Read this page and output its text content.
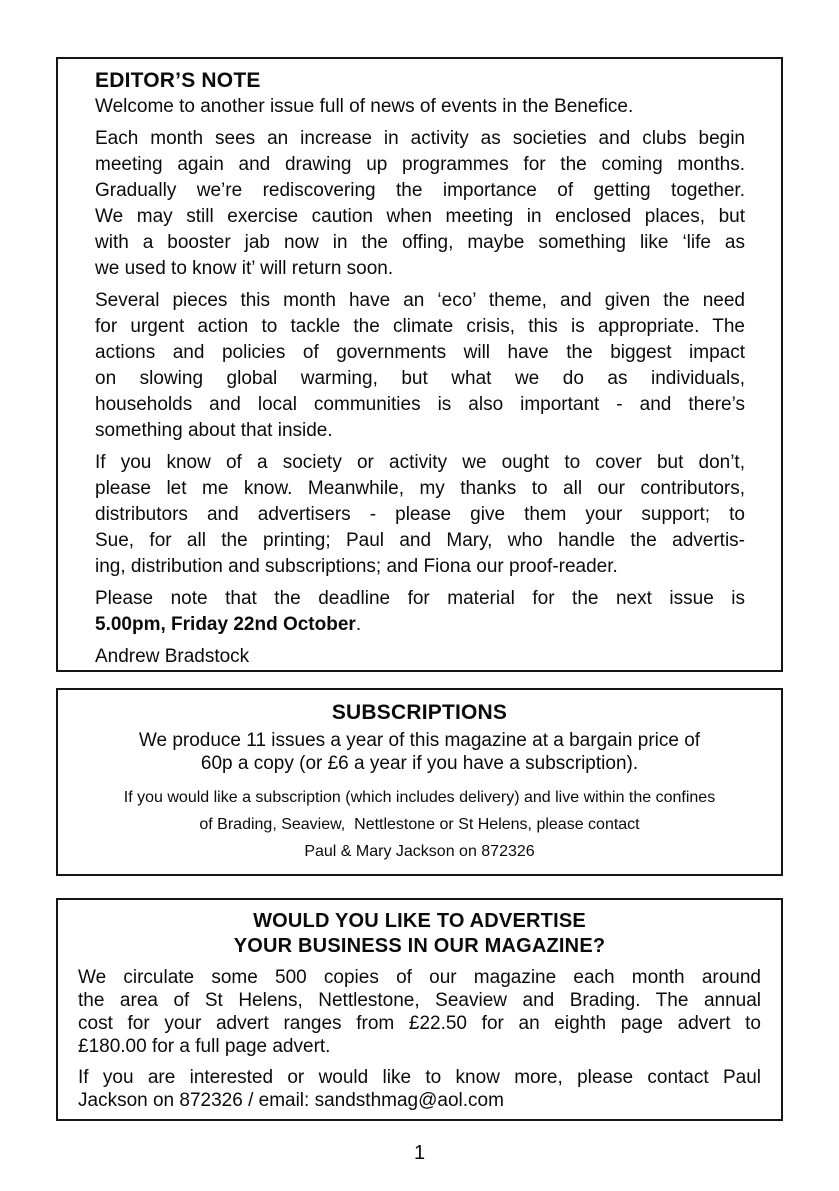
EDITOR’S NOTE
Welcome to another issue full of news of events in the Benefice.
Each month sees an increase in activity as societies and clubs begin
meeting again and drawing up programmes for the coming months.
Gradually we’re rediscovering the importance of getting together.
We may still exercise caution when meeting in enclosed places, but
with a booster jab now in the offing, maybe something like ‘life as
we used to know it’ will return soon.
Several pieces this month have an ‘eco’ theme, and given the need
for urgent action to tackle the climate crisis, this is appropriate. The
actions and policies of governments will have the biggest impact
on slowing global warming, but what we do as individuals,
households and local communities is also important - and there’s
something about that inside.
If you know of a society or activity we ought to cover but don’t,
please let me know. Meanwhile, my thanks to all our contributors,
distributors and advertisers - please give them your support; to
Sue, for all the printing; Paul and Mary, who handle the advertis-
ing, distribution and subscriptions; and Fiona our proof-reader.
Please note that the deadline for material for the next issue is
5.00pm, Friday 22nd October.
Andrew Bradstock
SUBSCRIPTIONS
We produce 11 issues a year of this magazine at a bargain price of
60p a copy (or £6 a year if you have a subscription).
If you would like a subscription (which includes delivery) and live within the confines
of Brading, Seaview,  Nettlestone or St Helens, please contact
Paul & Mary Jackson on 872326
WOULD YOU LIKE TO ADVERTISE
YOUR BUSINESS IN OUR MAGAZINE?
We circulate some 500 copies of our magazine each month around
the area of St Helens, Nettlestone, Seaview and Brading. The annual
cost for your advert ranges from £22.50 for an eighth page advert to
£180.00 for a full page advert.
If you are interested or would like to know more, please contact Paul
Jackson on 872326 / email: sandsthmag@aol.com
1
